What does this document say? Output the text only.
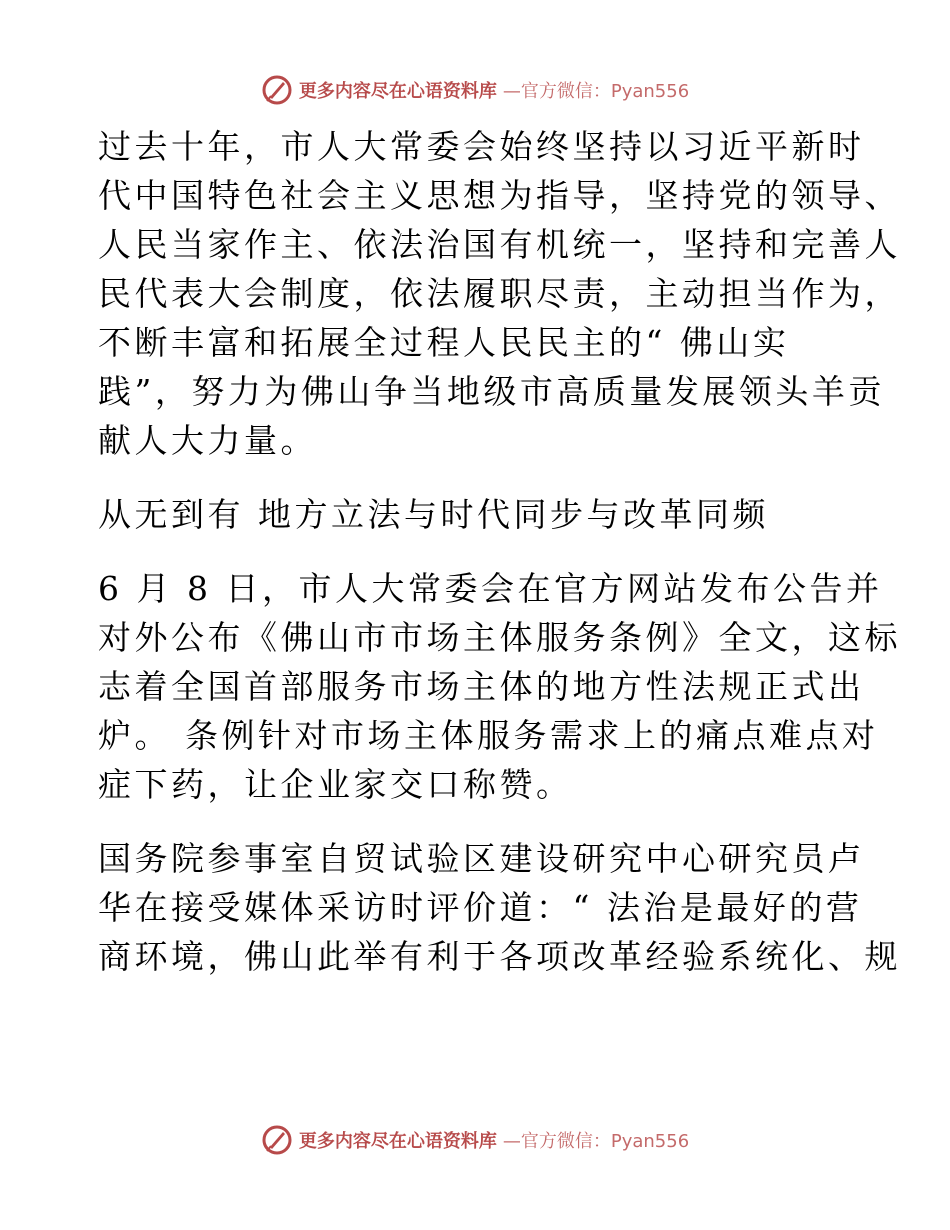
更多内容尽在心语资料库 —官方微信：Pyan556
过去十年，市人大常委会始终坚持以习近平新时
代中国特色社会主义思想为指导，坚持党的领导、
人民当家作主、依法治国有机统一，坚持和完善人
民代表大会制度，依法履职尽责，主动担当作为，
不断丰富和拓展全过程人民民主的“ 佛山实
践”，努力为佛山争当地级市高质量发展领头羊贡
献人大力量。
从无到有 地方立法与时代同步与改革同频
6 月 8 日，市人大常委会在官方网站发布公告并
对外公布《佛山市市场主体服务条例》全文，这标
志着全国首部服务市场主体的地方性法规正式出
炉。 条例针对市场主体服务需求上的痛点难点对
症下药，让企业家交口称赞。
国务院参事室自贸试验区建设研究中心研究员卢
华在接受媒体采访时评价道：“ 法治是最好的营
商环境，佛山此举有利于各项改革经验系统化、规
更多内容尽在心语资料库 —官方微信：Pyan556
